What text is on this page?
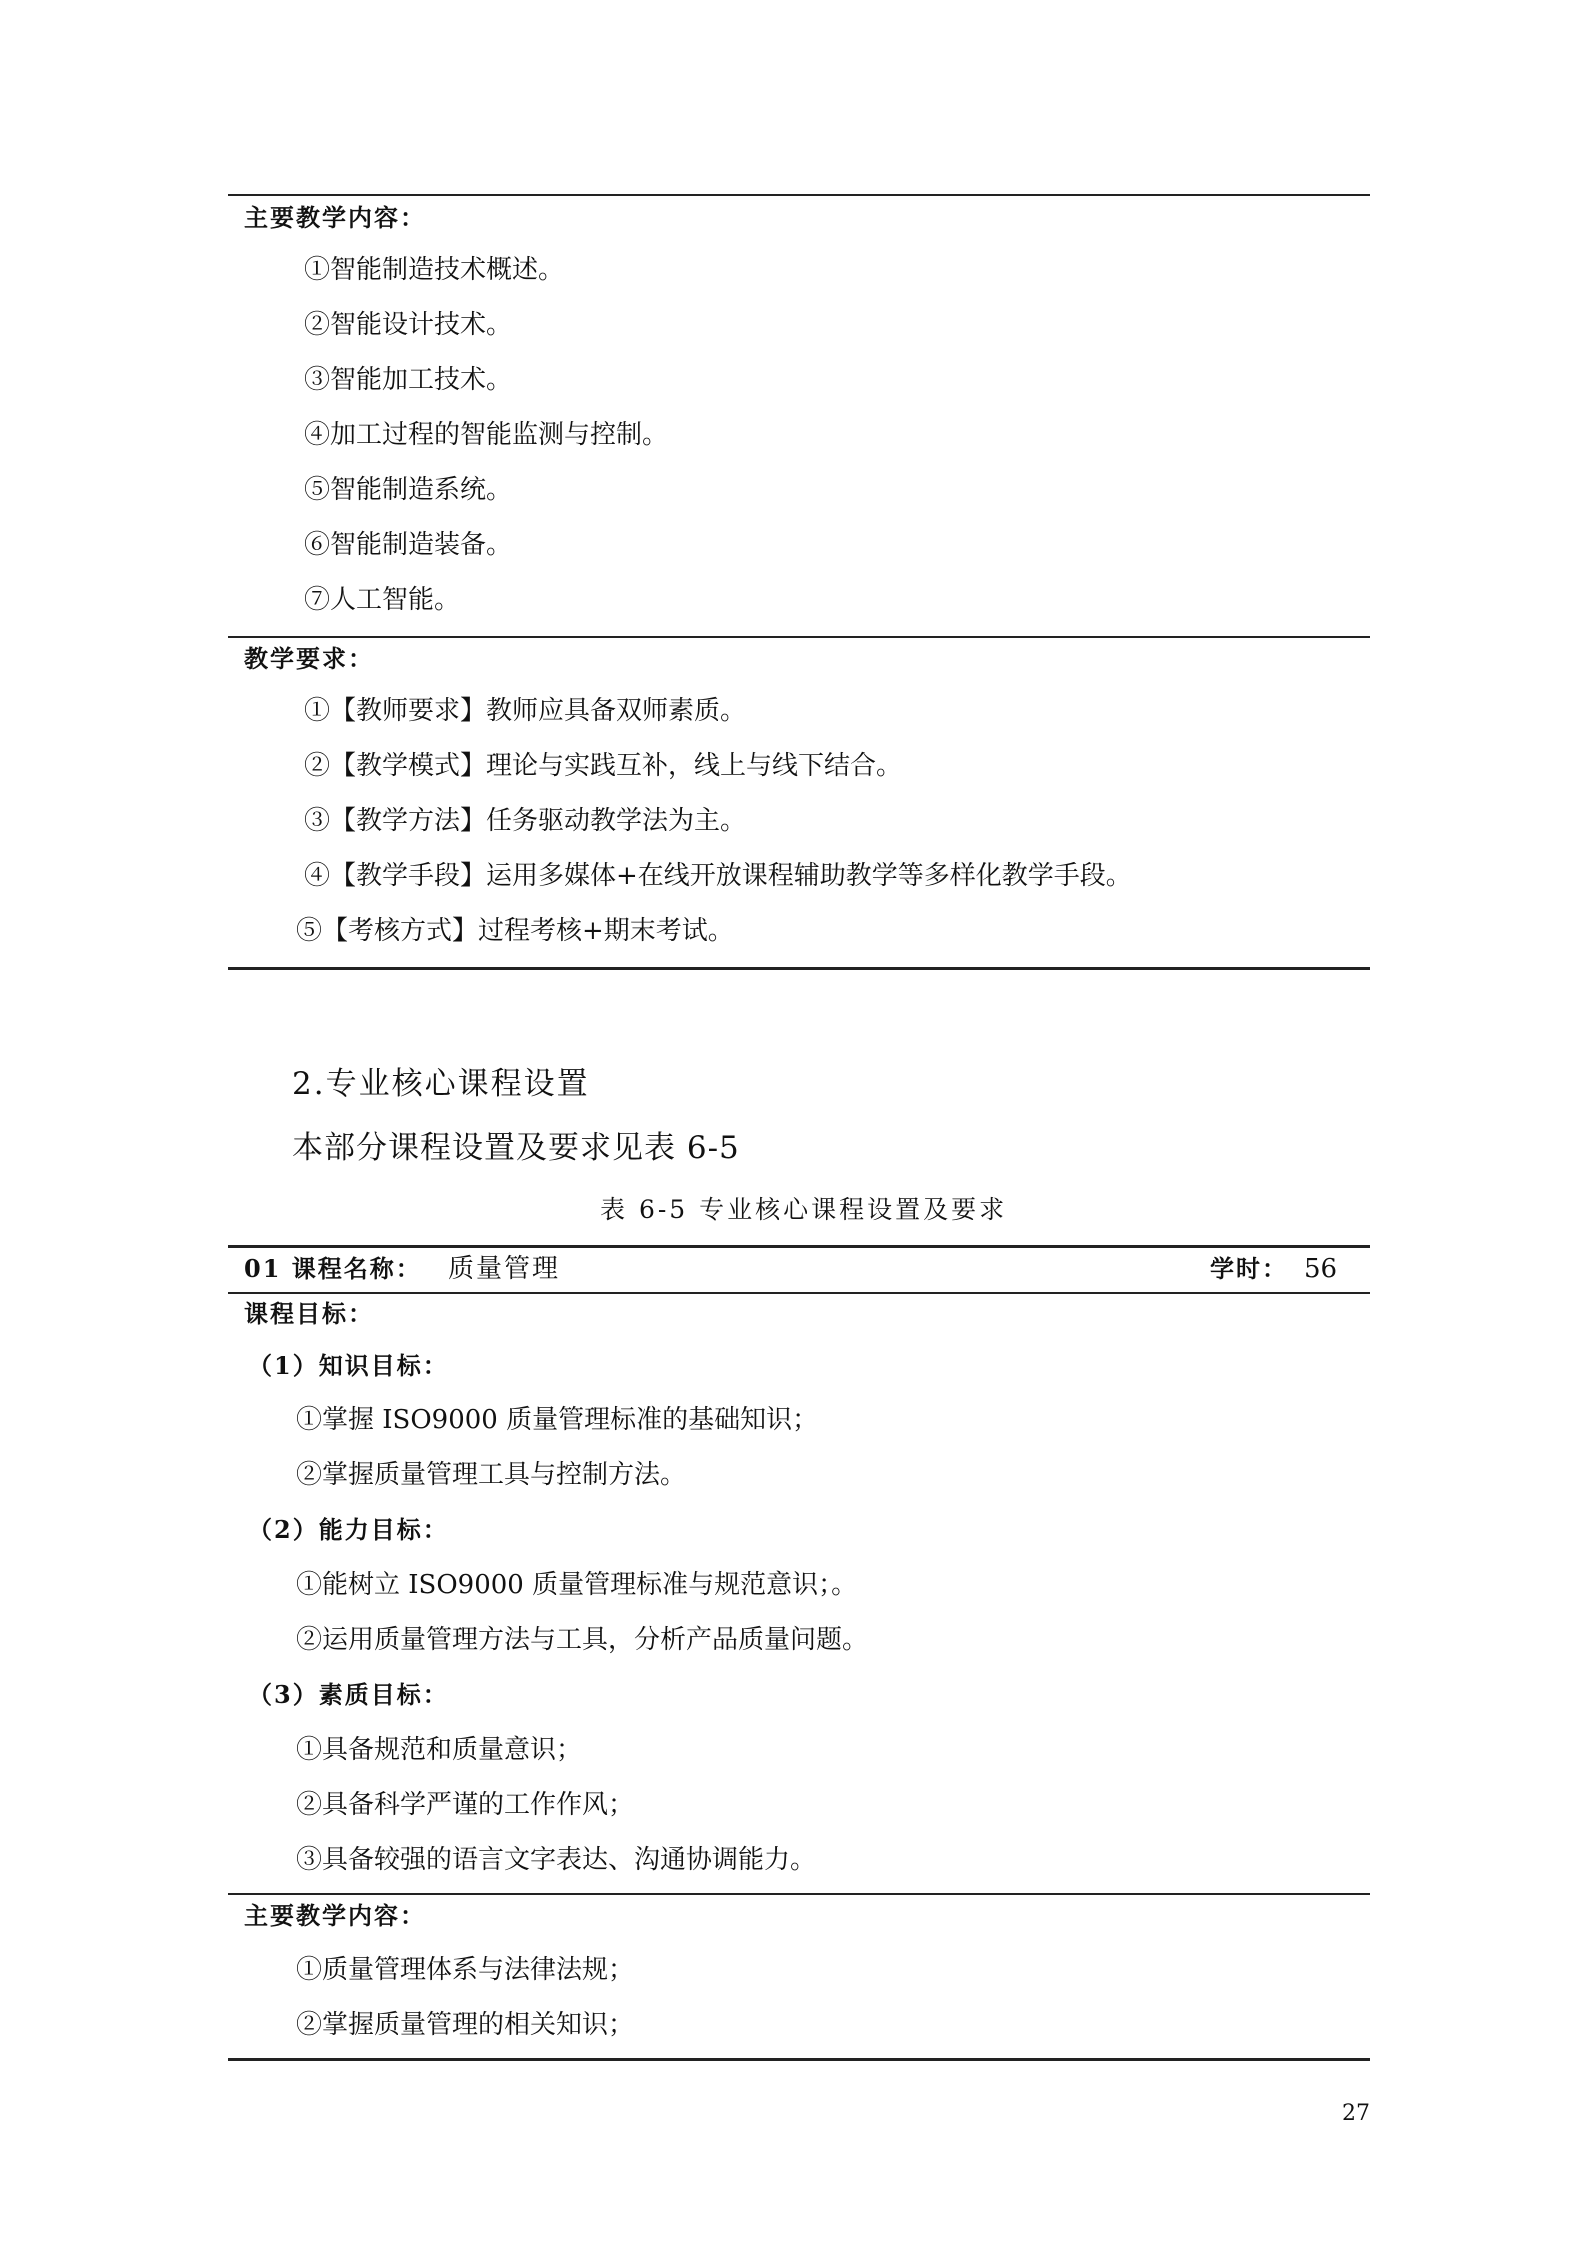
主要教学内容：
①智能制造技术概述。
②智能设计技术。
③智能加工技术。
④加工过程的智能监测与控制。
⑤智能制造系统。
⑥智能制造装备。
⑦人工智能。
教学要求：
①【教师要求】教师应具备双师素质。
②【教学模式】理论与实践互补，线上与线下结合。
③【教学方法】任务驱动教学法为主。
④【教学手段】运用多媒体+在线开放课程辅助教学等多样化教学手段。
⑤【考核方式】过程考核+期末考试。
2.专业核心课程设置
本部分课程设置及要求见表 6-5
表 6-5 专业核心课程设置及要求
01 课程名称： 质量管理	学时： 56
课程目标：
（1）知识目标：
①掌握 ISO9000 质量管理标准的基础知识；
②掌握质量管理工具与控制方法。
（2）能力目标：
①能树立 ISO9000 质量管理标准与规范意识；。
②运用质量管理方法与工具，分析产品质量问题。
（3）素质目标：
①具备规范和质量意识；
②具备科学严谨的工作作风；
③具备较强的语言文字表达、沟通协调能力。
主要教学内容：
①质量管理体系与法律法规；
②掌握质量管理的相关知识；
27
